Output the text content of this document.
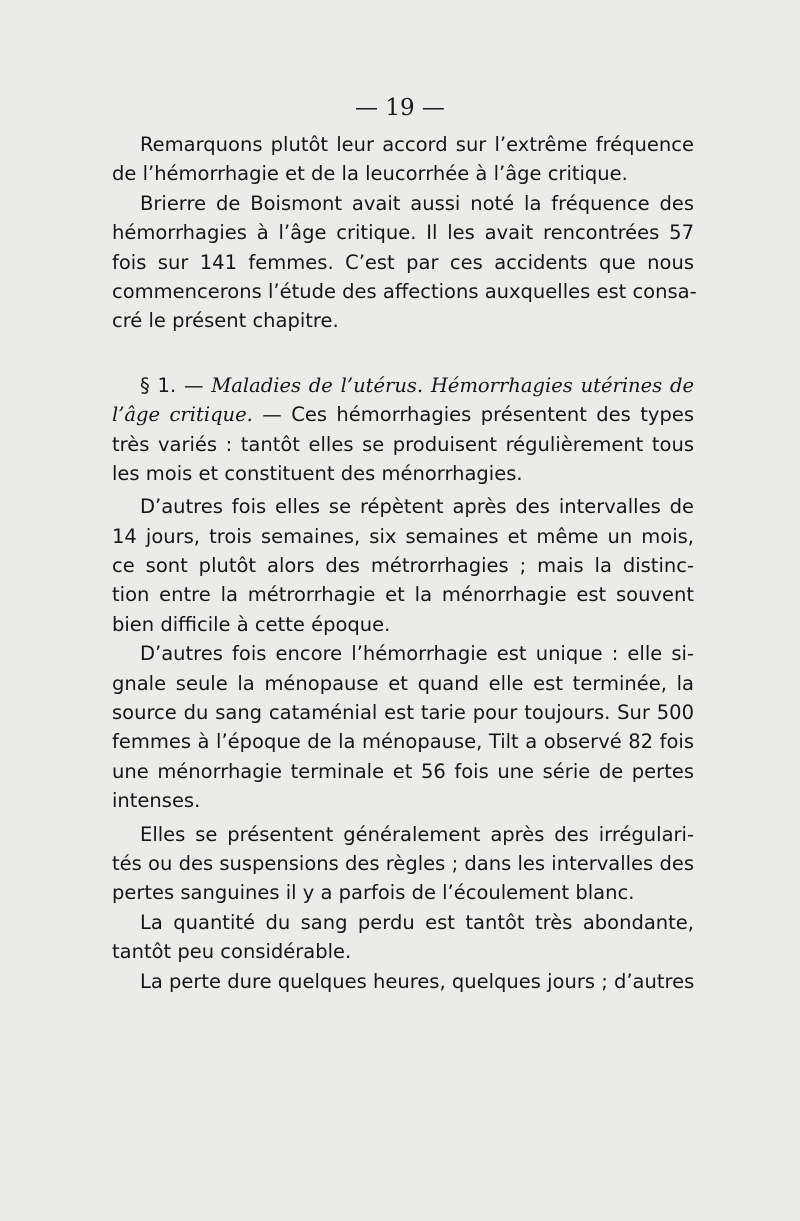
— 19 —
Remarquons plutôt leur accord sur l’extrême fréquence
de l’hémorrhagie et de la leucorrhée à l’âge critique.
Brierre de Boismont avait aussi noté la fréquence des
hémorrhagies à l’âge critique. Il les avait rencontrées 57
fois sur 141 femmes. C’est par ces accidents que nous
commencerons l’étude des affections auxquelles est consa-
cré le présent chapitre.
§ 1. — Maladies de l’utérus. Hémorrhagies utérines de
l’âge critique. — Ces hémorrhagies présentent des types
très variés : tantôt elles se produisent régulièrement tous
les mois et constituent des ménorrhagies.
D’autres fois elles se répètent après des intervalles de
14 jours, trois semaines, six semaines et même un mois,
ce sont plutôt alors des métrorrhagies ; mais la distinc-
tion entre la métrorrhagie et la ménorrhagie est souvent
bien difficile à cette époque.
D’autres fois encore l’hémorrhagie est unique : elle si-
gnale seule la ménopause et quand elle est terminée, la
source du sang cataménial est tarie pour toujours. Sur 500
femmes à l’époque de la ménopause, Tilt a observé 82 fois
une ménorrhagie terminale et 56 fois une série de pertes
intenses.
Elles se présentent généralement après des irrégulari-
tés ou des suspensions des règles ; dans les intervalles des
pertes sanguines il y a parfois de l’écoulement blanc.
La quantité du sang perdu est tantôt très abondante,
tantôt peu considérable.
La perte dure quelques heures, quelques jours ; d’autres
